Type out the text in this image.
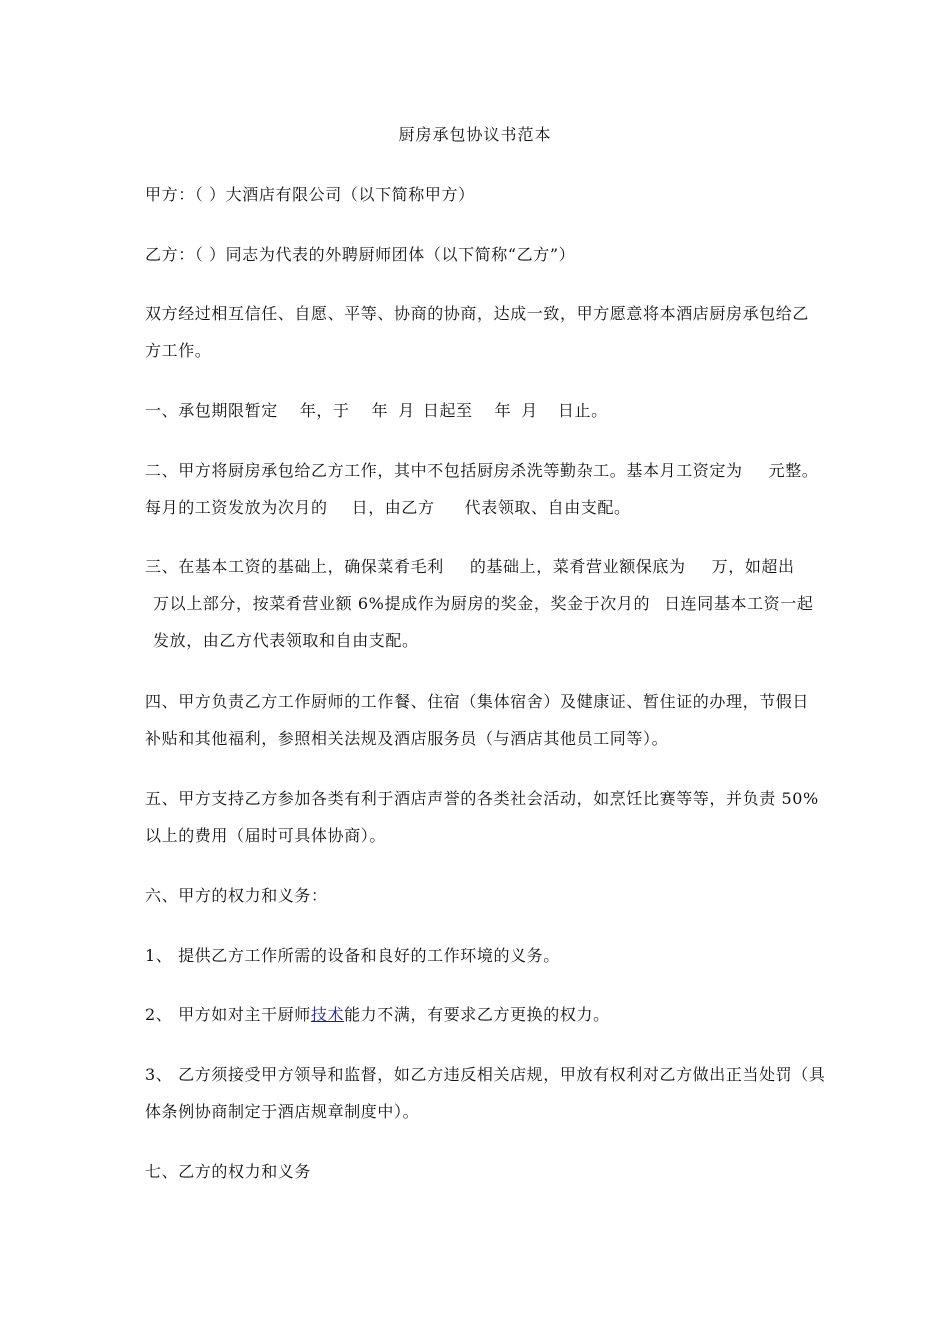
厨房承包协议书范本
甲方：（ ）大酒店有限公司（以下简称甲方）
乙方：（ ）同志为代表的外聘厨师团体（以下简称“乙方”）
双方经过相互信任、自愿、平等、协商的协商，达成一致，甲方愿意将本酒店厨房承包给乙
方工作。
一、承包期限暂定 年，于 年 月 日起至 年 月 日止。
二、甲方将厨房承包给乙方工作，其中不包括厨房杀洗等勤杂工。基本月工资定为 元整。
每月的工资发放为次月的 日，由乙方 代表领取、自由支配。
三、在基本工资的基础上，确保菜肴毛利 的基础上，菜肴营业额保底为 万，如超出
万以上部分，按菜肴营业额 6%提成作为厨房的奖金，奖金于次月的 日连同基本工资一起
发放，由乙方代表领取和自由支配。
四、甲方负责乙方工作厨师的工作餐、住宿（集体宿舍）及健康证、暂住证的办理，节假日
补贴和其他福利，参照相关法规及酒店服务员（与酒店其他员工同等）。
五、甲方支持乙方参加各类有利于酒店声誉的各类社会活动，如烹饪比赛等等，并负责 50%
以上的费用（届时可具体协商）。
六、甲方的权力和义务：
1、 提供乙方工作所需的设备和良好的工作环境的义务。
2、 甲方如对主干厨师技术能力不满，有要求乙方更换的权力。
3、 乙方须接受甲方领导和监督，如乙方违反相关店规，甲放有权利对乙方做出正当处罚（具
体条例协商制定于酒店规章制度中）。
七、乙方的权力和义务
